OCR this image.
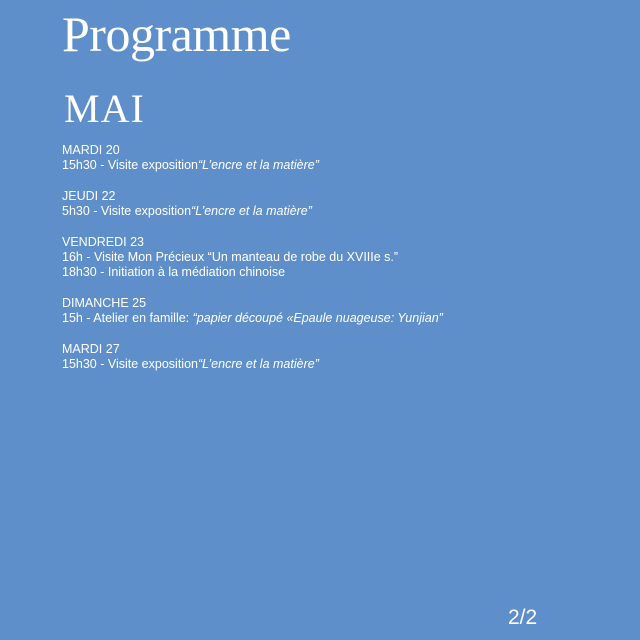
Programme
MAI
MARDI 20
15h30 - Visite exposition“L’encre et la matière”
JEUDI 22
5h30 - Visite exposition“L’encre et la matière”
VENDREDI 23
16h - Visite Mon Précieux “Un manteau de robe du XVIIIe s.”
18h30 - Initiation à la médiation chinoise
DIMANCHE 25
15h - Atelier en famille: “papier découpé «Epaule nuageuse: Yunjian”
MARDI 27
15h30 - Visite exposition“L’encre et la matière”
2/2
